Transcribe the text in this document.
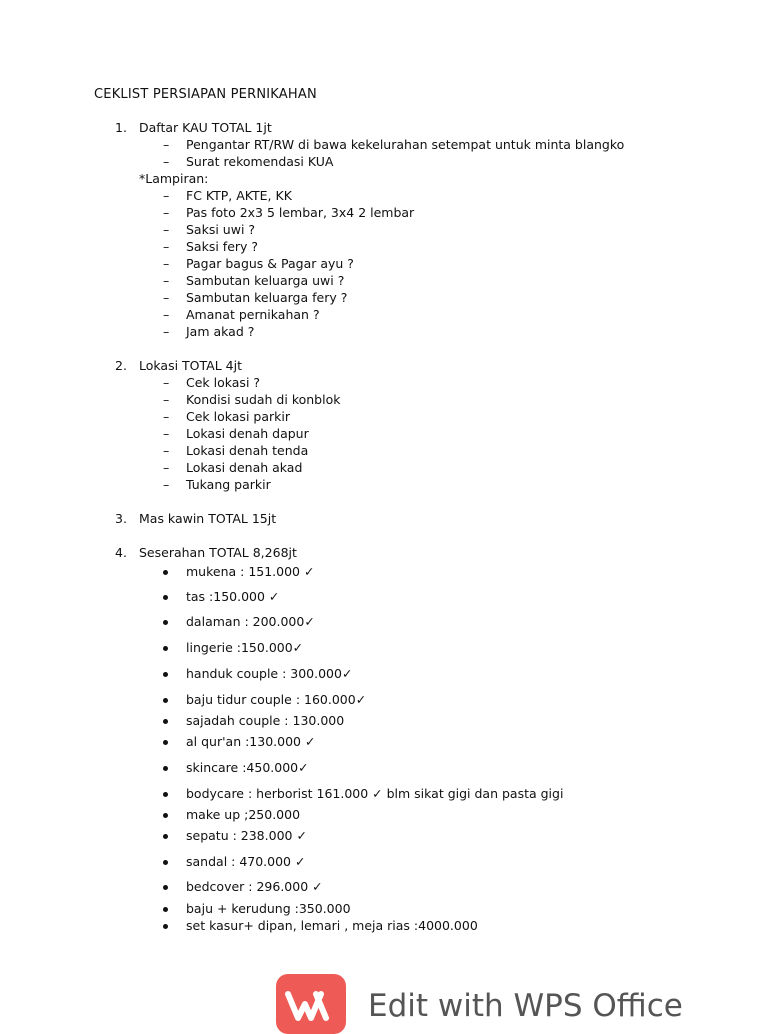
CEKLIST PERSIAPAN PERNIKAHAN
1. Daftar KAU TOTAL 1jt
– Pengantar RT/RW di bawa kekelurahan setempat untuk minta blangko
– Surat rekomendasi KUA
*Lampiran:
– FC KTP, AKTE, KK
– Pas foto 2x3 5 lembar, 3x4 2 lembar
– Saksi uwi ?
– Saksi fery ?
– Pagar bagus & Pagar ayu ?
– Sambutan keluarga uwi ?
– Sambutan keluarga fery ?
– Amanat pernikahan ?
– Jam akad ?
2. Lokasi TOTAL 4jt
– Cek lokasi ?
– Kondisi sudah di konblok
– Cek lokasi parkir
– Lokasi denah dapur
– Lokasi denah tenda
– Lokasi denah akad
– Tukang parkir
3. Mas kawin TOTAL 15jt
4. Seserahan TOTAL 8,268jt
mukena : 151.000 ✓
tas :150.000 ✓
dalaman : 200.000✓
lingerie :150.000✓
handuk couple : 300.000✓
baju tidur couple : 160.000✓
sajadah couple : 130.000
al qur'an :130.000 ✓
skincare :450.000✓
bodycare : herborist 161.000 ✓ blm sikat gigi dan pasta gigi
make up ;250.000
sepatu : 238.000 ✓
sandal : 470.000 ✓
bedcover : 296.000 ✓
baju + kerudung :350.000
set kasur+ dipan, lemari , meja rias :4000.000
Edit with WPS Office
